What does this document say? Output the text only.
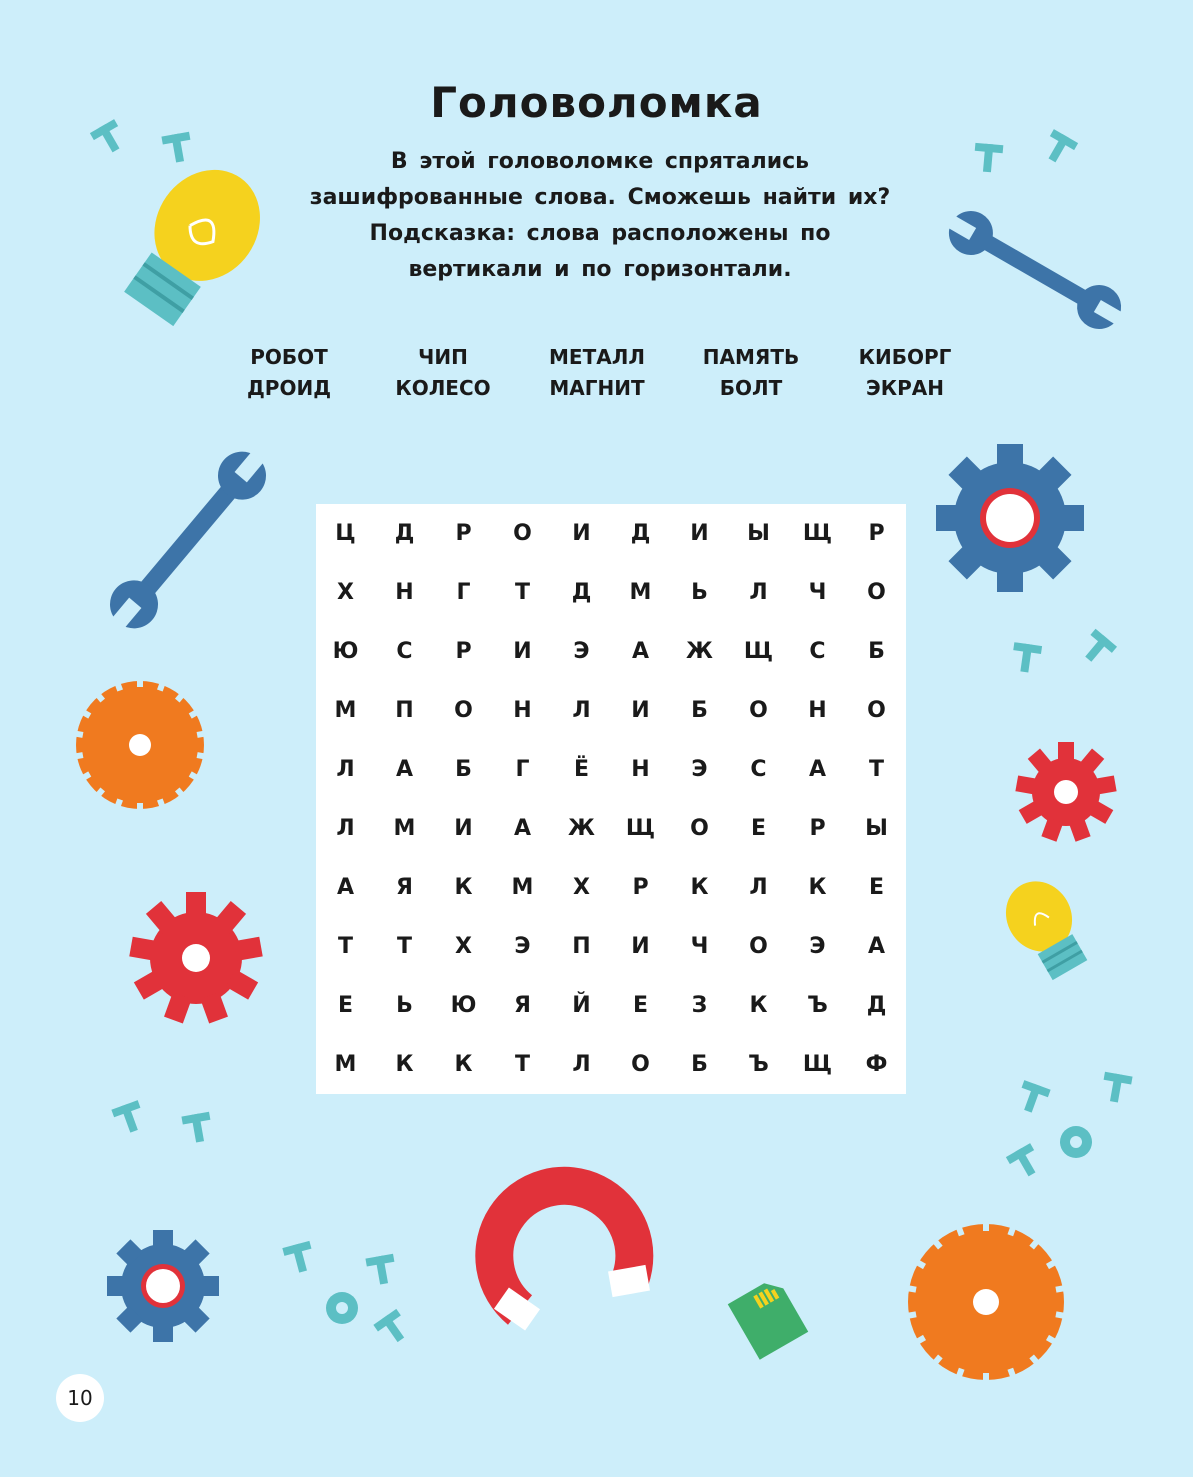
Головоломка
В этой головоломке спрятались
зашифрованные слова. Сможешь найти их?
Подсказка: слова расположены по
вертикали и по горизонтали.
РОБОТ
ДРОИД
ЧИП
КОЛЕСО
МЕТАЛЛ
МАГНИТ
ПАМЯТЬ
БОЛТ
КИБОРГ
ЭКРАН
Ц	Д	Р	О	И	Д	И	Ы	Щ	Р
Х	Н	Г	Т	Д	М	Ь	Л	Ч	О
Ю	С	Р	И	Э	А	Ж	Щ	С	Б
М	П	О	Н	Л	И	Б	О	Н	О
Л	А	Б	Г	Ё	Н	Э	С	А	Т
Л	М	И	А	Ж	Щ	О	Е	Р	Ы
А	Я	К	М	Х	Р	К	Л	К	Е
Т	Т	Х	Э	П	И	Ч	О	Э	А
Е	Ь	Ю	Я	Й	Е	З	К	Ъ	Д
М	К	К	Т	Л	О	Б	Ъ	Щ	Ф
10
